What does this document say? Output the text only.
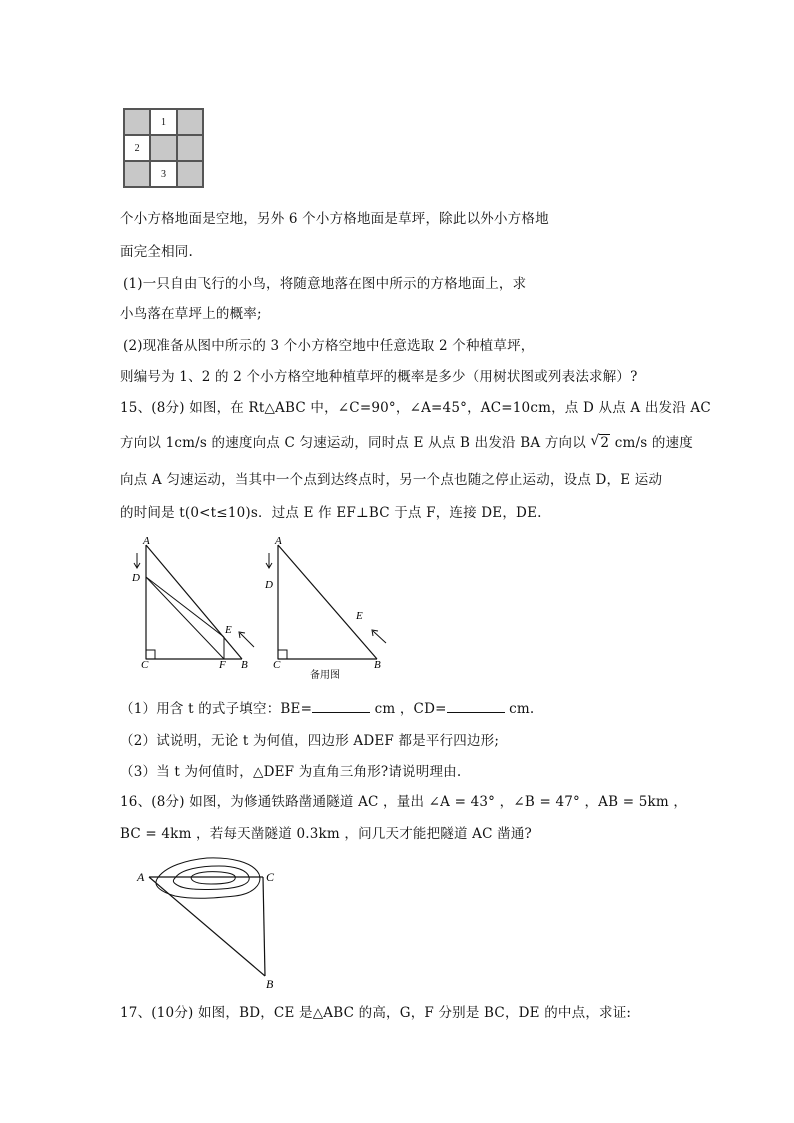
1
2
3
个小方格地面是空地，另外 6 个小方格地面是草坪，除此以外小方格地
面完全相同.
(1)一只自由飞行的小鸟，将随意地落在图中所示的方格地面上，求
小鸟落在草坪上的概率;
(2)现准备从图中所示的 3 个小方格空地中任意选取 2 个种植草坪，
则编号为 1、2 的 2 个小方格空地种植草坪的概率是多少（用树状图或列表法求解）?
15、(8分) 如图，在 Rt△ABC 中，∠C=90°，∠A=45°，AC=10cm，点 D 从点 A 出发沿 AC
方向以 1cm/s 的速度向点 C 匀速运动，同时点 E 从点 B 出发沿 BA 方向以 √ 2 cm/s 的速度
向点 A 匀速运动，当其中一个点到达终点时，另一个点也随之停止运动，设点 D，E 运动
的时间是 t(0<t≤10)s．过点 E 作 EF⊥BC 于点 F，连接 DE，DE.
A
D
C	F B
E
A
D
C	B
E
备用图
（1）用含 t 的式子填空：BE=	cm ，CD=	cm.
（2）试说明，无论 t 为何值，四边形 ADEF 都是平行四边形;
（3）当 t 为何值时，△DEF 为直角三角形?请说明理由.
16、(8分) 如图，为修通铁路凿通隧道 AC ，量出 ∠A = 43° ，∠B = 47° ，AB = 5km ，
BC = 4km ，若每天凿隧道 0.3km ，问几天才能把隧道 AC 凿通?
A	C
B
17、(10分) 如图，BD，CE 是△ABC 的高，G，F 分别是 BC，DE 的中点，求证:
